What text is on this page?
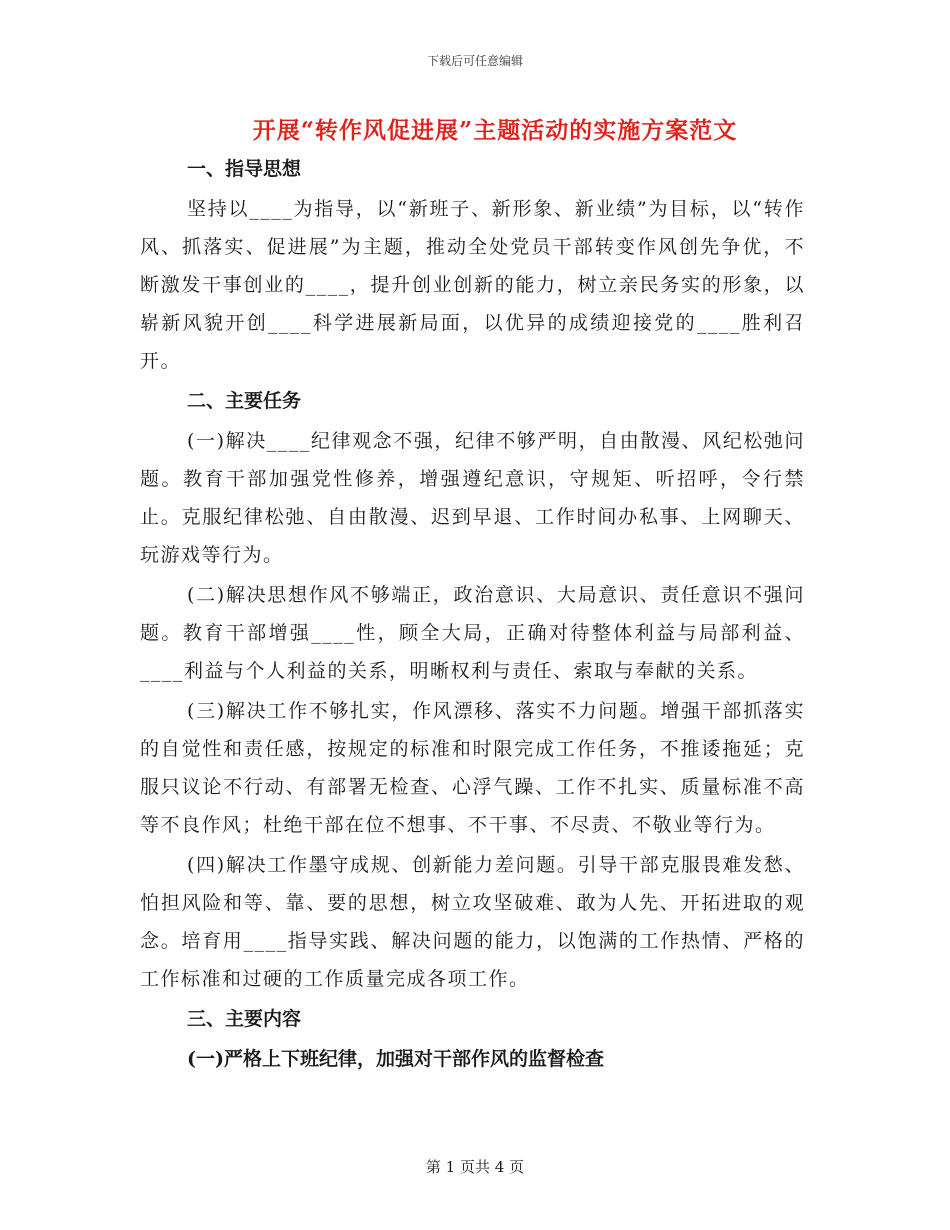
下载后可任意编辑
开展“转作风促进展”主题活动的实施方案范文
一、指导思想

坚持以____为指导，以“新班子、新形象、新业绩”为目标，以“转作风、抓落实、促进展”为主题，推动全处党员干部转变作风创先争优，不断激发干事创业的____，提升创业创新的能力，树立亲民务实的形象，以崭新风貌开创____科学进展新局面，以优异的成绩迎接党的____胜利召开。

二、主要任务

(一)解决____纪律观念不强，纪律不够严明，自由散漫、风纪松弛问题。教育干部加强党性修养，增强遵纪意识，守规矩、听招呼，令行禁止。克服纪律松弛、自由散漫、迟到早退、工作时间办私事、上网聊天、玩游戏等行为。

(二)解决思想作风不够端正，政治意识、大局意识、责任意识不强问题。教育干部增强____性，顾全大局，正确对待整体利益与局部利益、____利益与个人利益的关系，明晰权利与责任、索取与奉献的关系。

(三)解决工作不够扎实，作风漂移、落实不力问题。增强干部抓落实的自觉性和责任感，按规定的标准和时限完成工作任务，不推诿拖延；克服只议论不行动、有部署无检查、心浮气躁、工作不扎实、质量标准不高等不良作风；杜绝干部在位不想事、不干事、不尽责、不敬业等行为。

(四)解决工作墨守成规、创新能力差问题。引导干部克服畏难发愁、怕担风险和等、靠、要的思想，树立攻坚破难、敢为人先、开拓进取的观念。培育用____指导实践、解决问题的能力，以饱满的工作热情、严格的工作标准和过硬的工作质量完成各项工作。

三、主要内容
(一)严格上下班纪律，加强对干部作风的监督检查
第 1 页共 4 页
